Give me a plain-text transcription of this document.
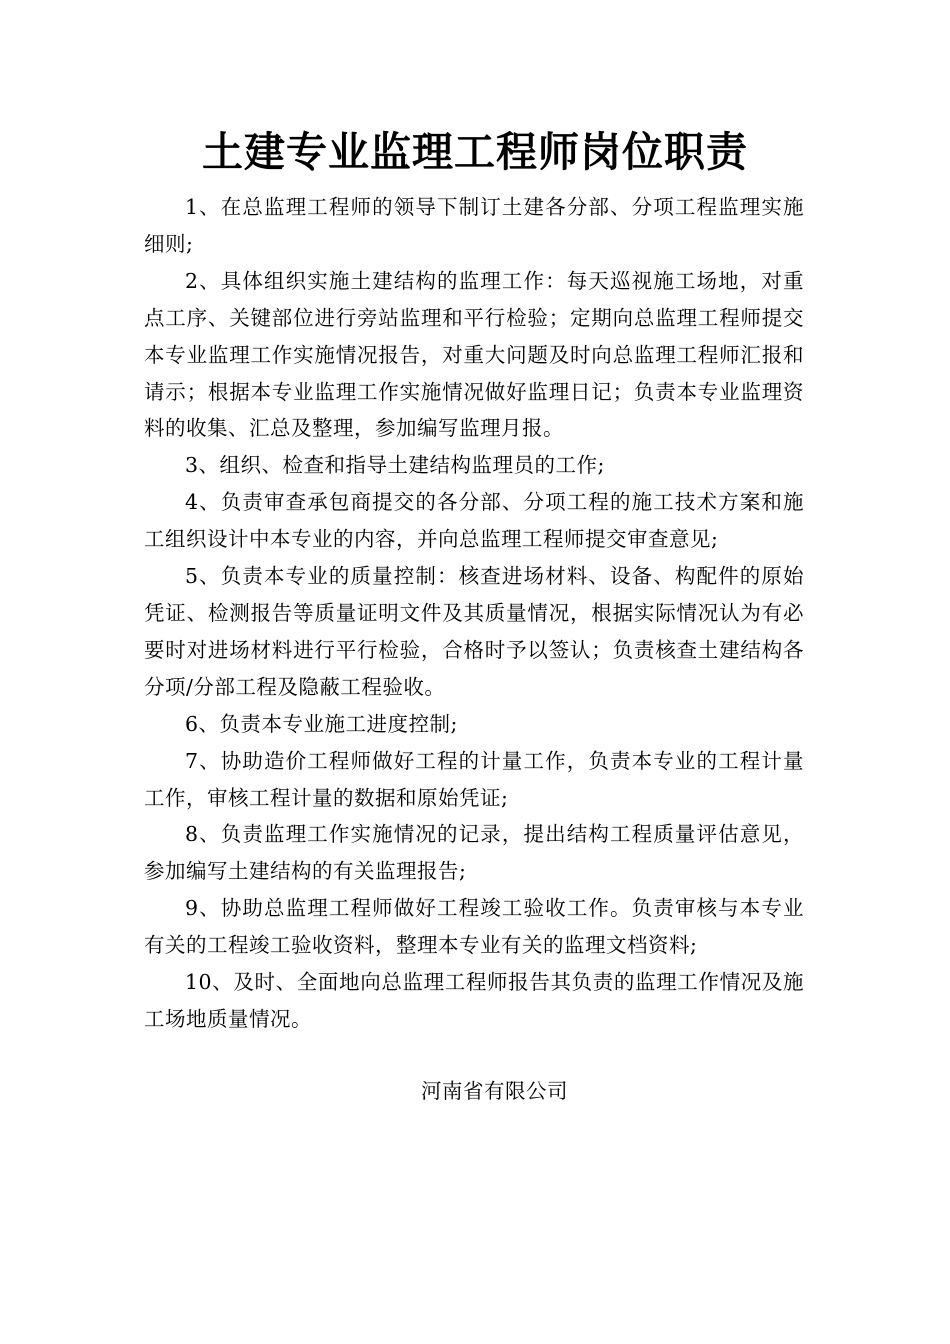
土建专业监理工程师岗位职责

1、在总监理工程师的领导下制订土建各分部、分项工程监理实施细则;

2、具体组织实施土建结构的监理工作：每天巡视施工场地，对重点工序、关键部位进行旁站监理和平行检验；定期向总监理工程师提交本专业监理工作实施情况报告，对重大问题及时向总监理工程师汇报和请示；根据本专业监理工作实施情况做好监理日记；负责本专业监理资料的收集、汇总及整理，参加编写监理月报。

3、组织、检查和指导土建结构监理员的工作;

4、负责审查承包商提交的各分部、分项工程的施工技术方案和施工组织设计中本专业的内容，并向总监理工程师提交审查意见;

5、负责本专业的质量控制：核查进场材料、设备、构配件的原始凭证、检测报告等质量证明文件及其质量情况，根据实际情况认为有必要时对进场材料进行平行检验，合格时予以签认；负责核查土建结构各分项/分部工程及隐蔽工程验收。

6、负责本专业施工进度控制;

7、协助造价工程师做好工程的计量工作，负责本专业的工程计量工作，审核工程计量的数据和原始凭证;

8、负责监理工作实施情况的记录，提出结构工程质量评估意见，参加编写土建结构的有关监理报告;

9、协助总监理工程师做好工程竣工验收工作。负责审核与本专业有关的工程竣工验收资料，整理本专业有关的监理文档资料;

10、及时、全面地向总监理工程师报告其负责的监理工作情况及施工场地质量情况。

河南省有限公司
